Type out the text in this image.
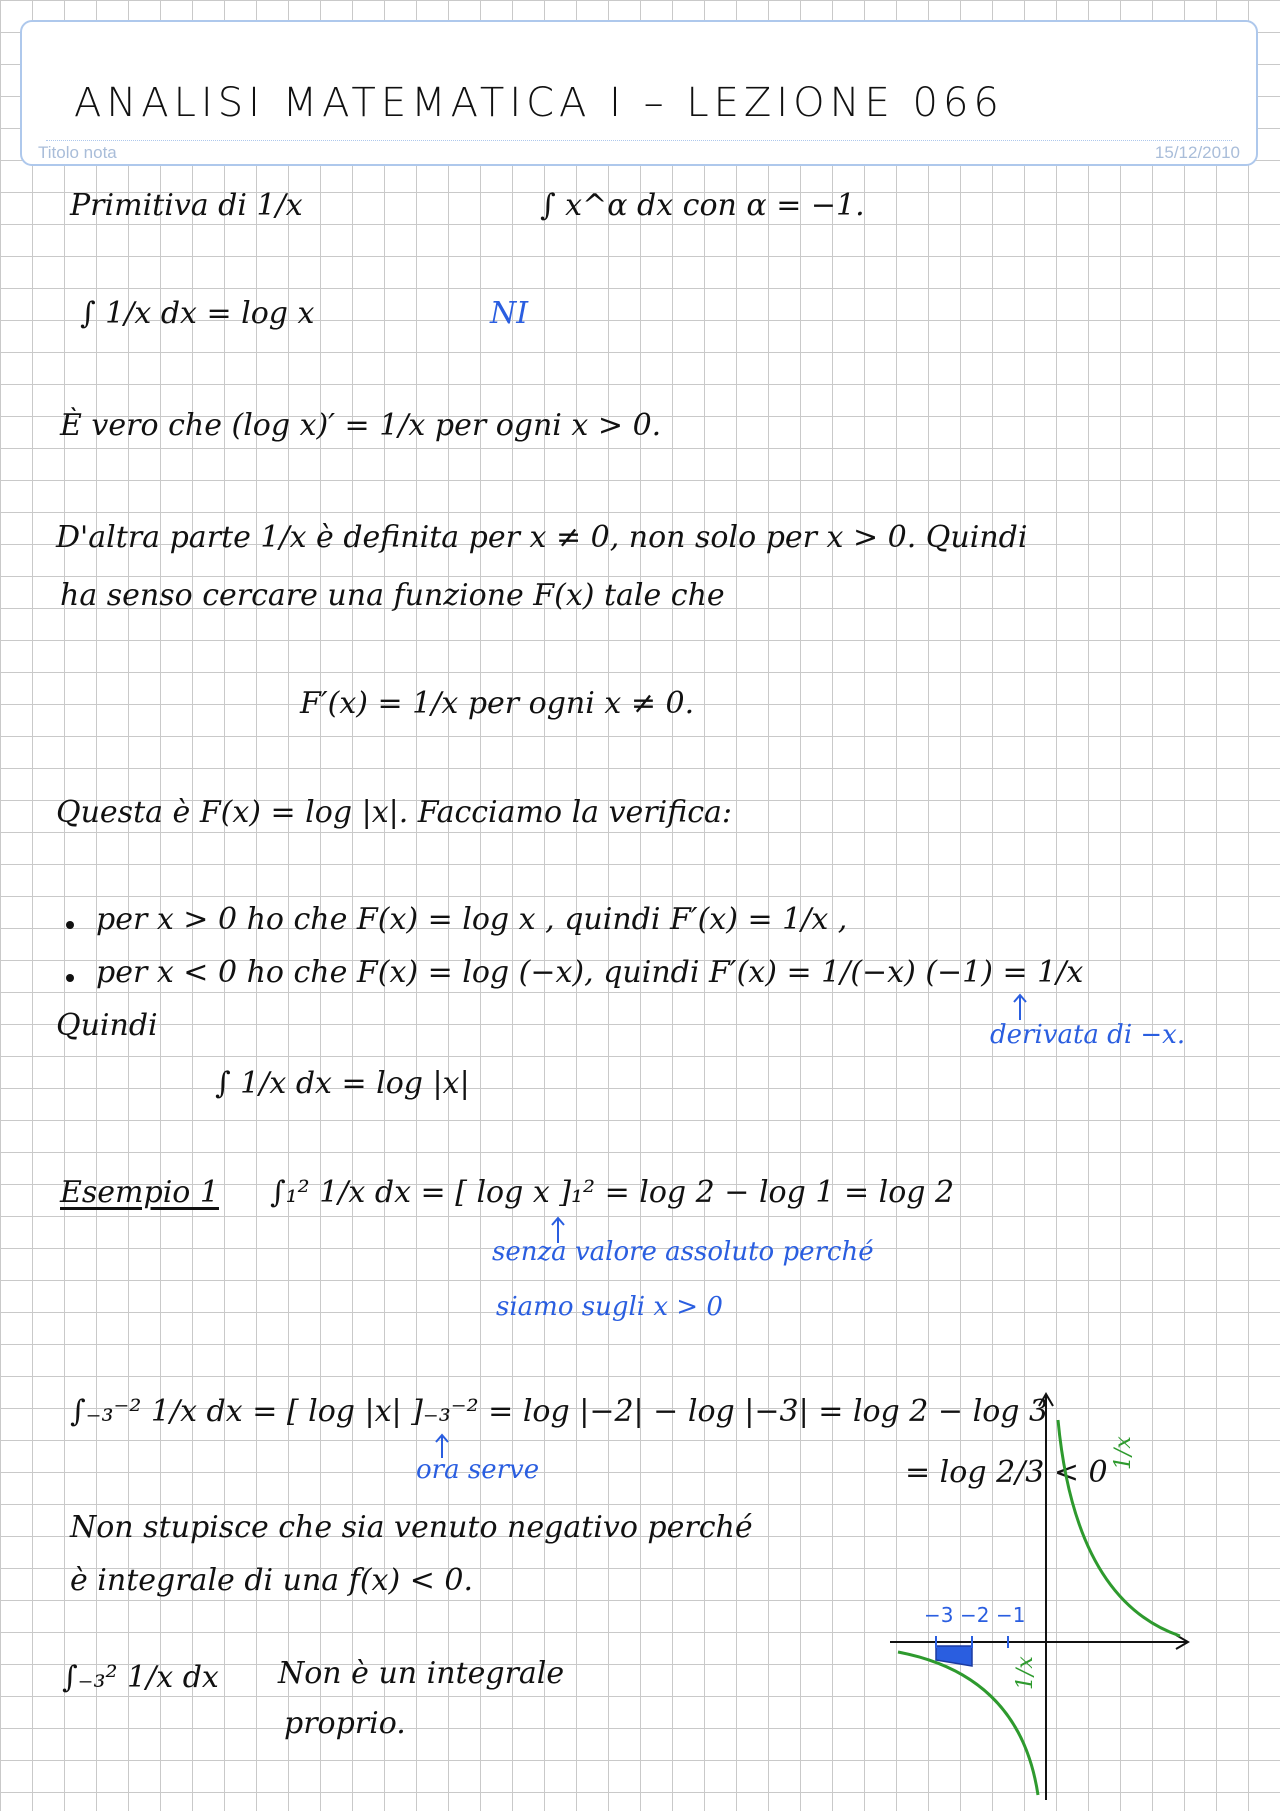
ANALISI MATEMATICA I – LEZIONE 066
Titolo nota	15/12/2010
Primitiva di 1/x	∫ x^α dx con α = −1.
∫ 1/x dx = log x	NI
È vero che (log x)′ = 1/x per ogni x > 0.
D'altra parte 1/x è definita per x ≠ 0, non solo per x > 0. Quindi
ha senso cercare una funzione F(x) tale che
F′(x) = 1/x per ogni x ≠ 0.
Questa è F(x) = log |x|. Facciamo la verifica:
per x > 0 ho che F(x) = log x , quindi F′(x) = 1/x ,
per x < 0 ho che F(x) = log (−x), quindi F′(x) = 1/(−x) (−1) = 1/x
derivata di −x.
Quindi
∫ 1/x dx = log |x|
Esempio 1 ∫₁² 1/x dx = [ log x ]₁² = log 2 − log 1 = log 2
senza valore assoluto perché
siamo sugli x > 0
∫₋₃⁻² 1/x dx = [ log |x| ]₋₃⁻² = log |−2| − log |−3| = log 2 − log 3
ora serve	= log 2/3 < 0
Non stupisce che sia venuto negativo perché
è integrale di una f(x) < 0.
∫₋₃² 1/x dx Non è un integrale
proprio.
−3 −2 −1
1/x
1/x
